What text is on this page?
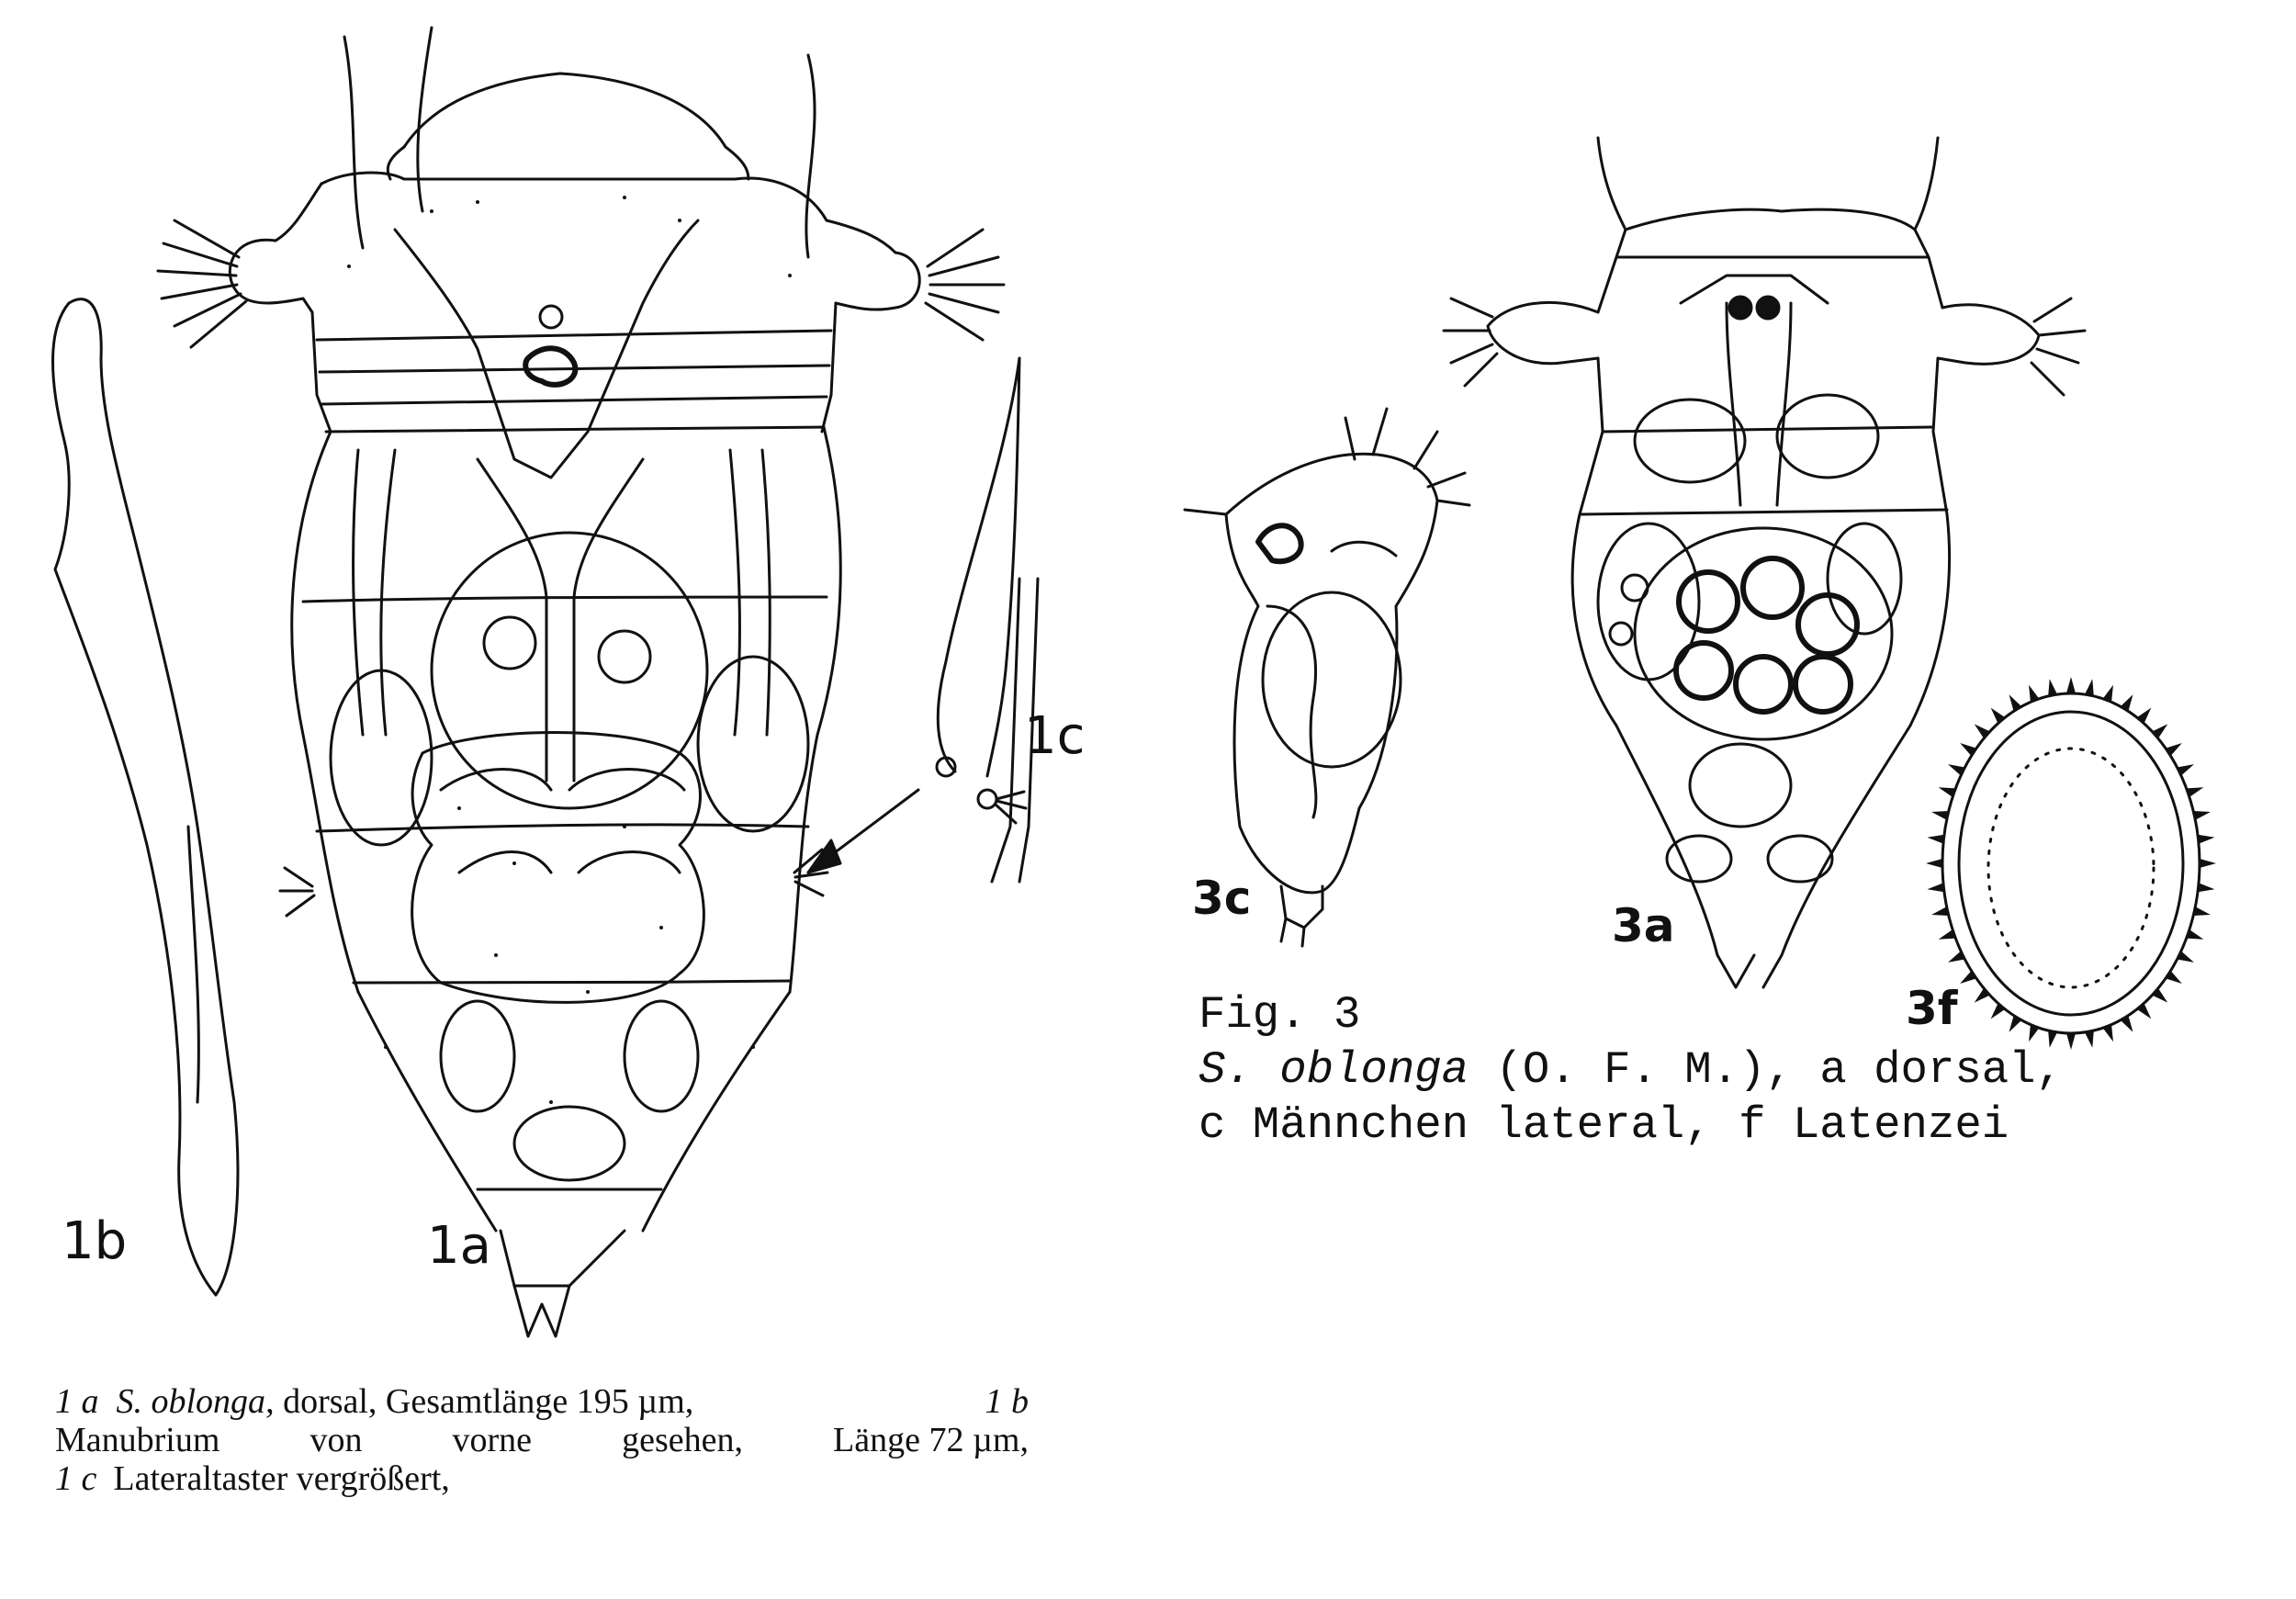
1b	1a
1c
3c
3a
3f
1 a S. oblonga, dorsal, Gesamtlänge 195 µm,	1 b
Manubrium	von	vorne	gesehen,	Länge 72 µm,
1 c Lateraltaster vergrößert,
Fig. 3
S. oblonga (O. F. M.), a dorsal,
c Männchen lateral, f Latenzei
